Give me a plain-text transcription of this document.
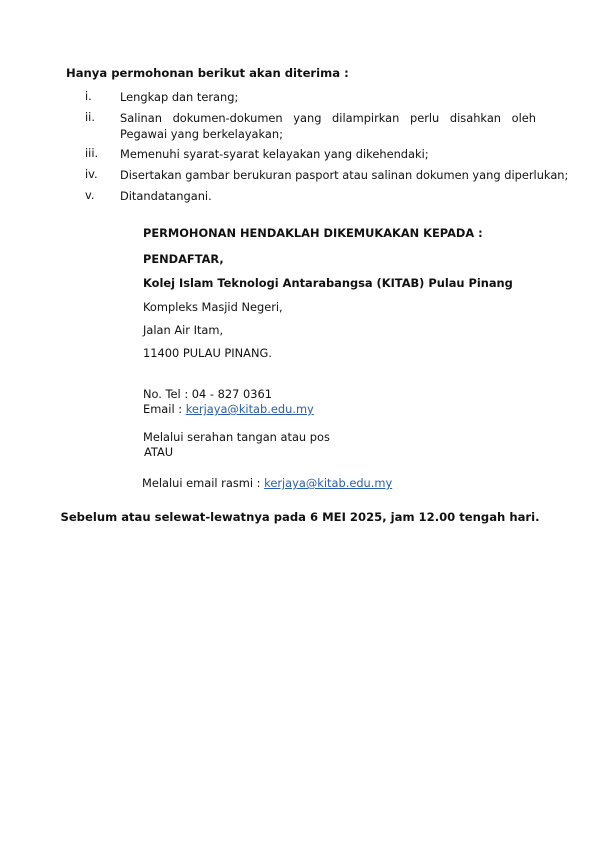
Hanya permohonan berikut akan diterima :
i. Lengkap dan terang;
ii. Salinan dokumen-dokumen yang dilampirkan perlu disahkan oleh Pegawai yang berkelayakan;
iii. Memenuhi syarat-syarat kelayakan yang dikehendaki;
iv. Disertakan gambar berukuran pasport atau salinan dokumen yang diperlukan;
v. Ditandatangani.
PERMOHONAN HENDAKLAH DIKEMUKAKAN KEPADA :
PENDAFTAR,
Kolej Islam Teknologi Antarabangsa (KITAB) Pulau Pinang
Kompleks Masjid Negeri,
Jalan Air Itam,
11400 PULAU PINANG.
No. Tel : 04 - 827 0361
Email : kerjaya@kitab.edu.my
Melalui serahan tangan atau pos
ATAU
Melalui email rasmi : kerjaya@kitab.edu.my
Sebelum atau selewat-lewatnya pada 6 MEI 2025, jam 12.00 tengah hari.
